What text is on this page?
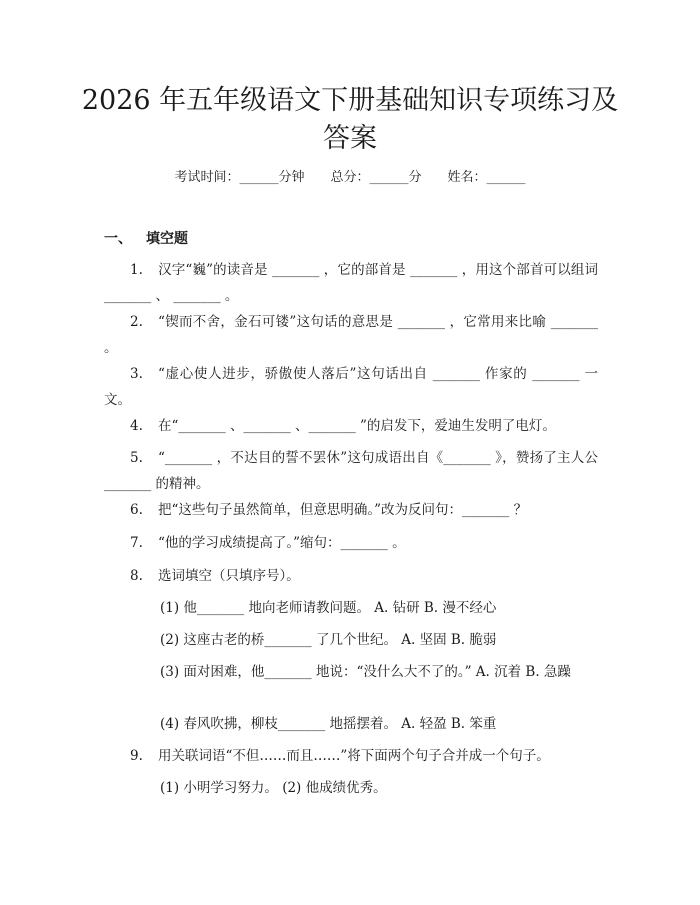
2026 年五年级语文下册基础知识专项练习及
答案
考试时间：______分钟 总分：______分 姓名：______
一、 填空题
1. 汉字“巍”的读音是 _______ ，它的部首是 _______ ，用这个部首可以组词 _______ 、 _______ 。
2. “锲而不舍，金石可镂”这句话的意思是 _______ ，它常用来比喻 _______ 。
3. “虚心使人进步，骄傲使人落后”这句话出自 _______ 作家的 _______ 一文。
4. 在“_______ 、_______ 、_______ ”的启发下，爱迪生发明了电灯。
5. “_______ ，不达目的誓不罢休”这句成语出自《_______ 》，赞扬了主人公_______ 的精神。
6. 把“这些句子虽然简单，但意思明确。”改为反问句：_______ ？
7. “他的学习成绩提高了。”缩句：_______ 。
8. 选词填空（只填序号）。
(1) 他_______ 地向老师请教问题。 A. 钻研 B. 漫不经心
(2) 这座古老的桥_______ 了几个世纪。 A. 坚固 B. 脆弱
(3) 面对困难，他_______ 地说：“没什么大不了的。” A. 沉着 B. 急躁
(4) 春风吹拂，柳枝_______ 地摇摆着。 A. 轻盈 B. 笨重
9. 用关联词语“不但……而且……”将下面两个句子合并成一个句子。
(1) 小明学习努力。 (2) 他成绩优秀。
